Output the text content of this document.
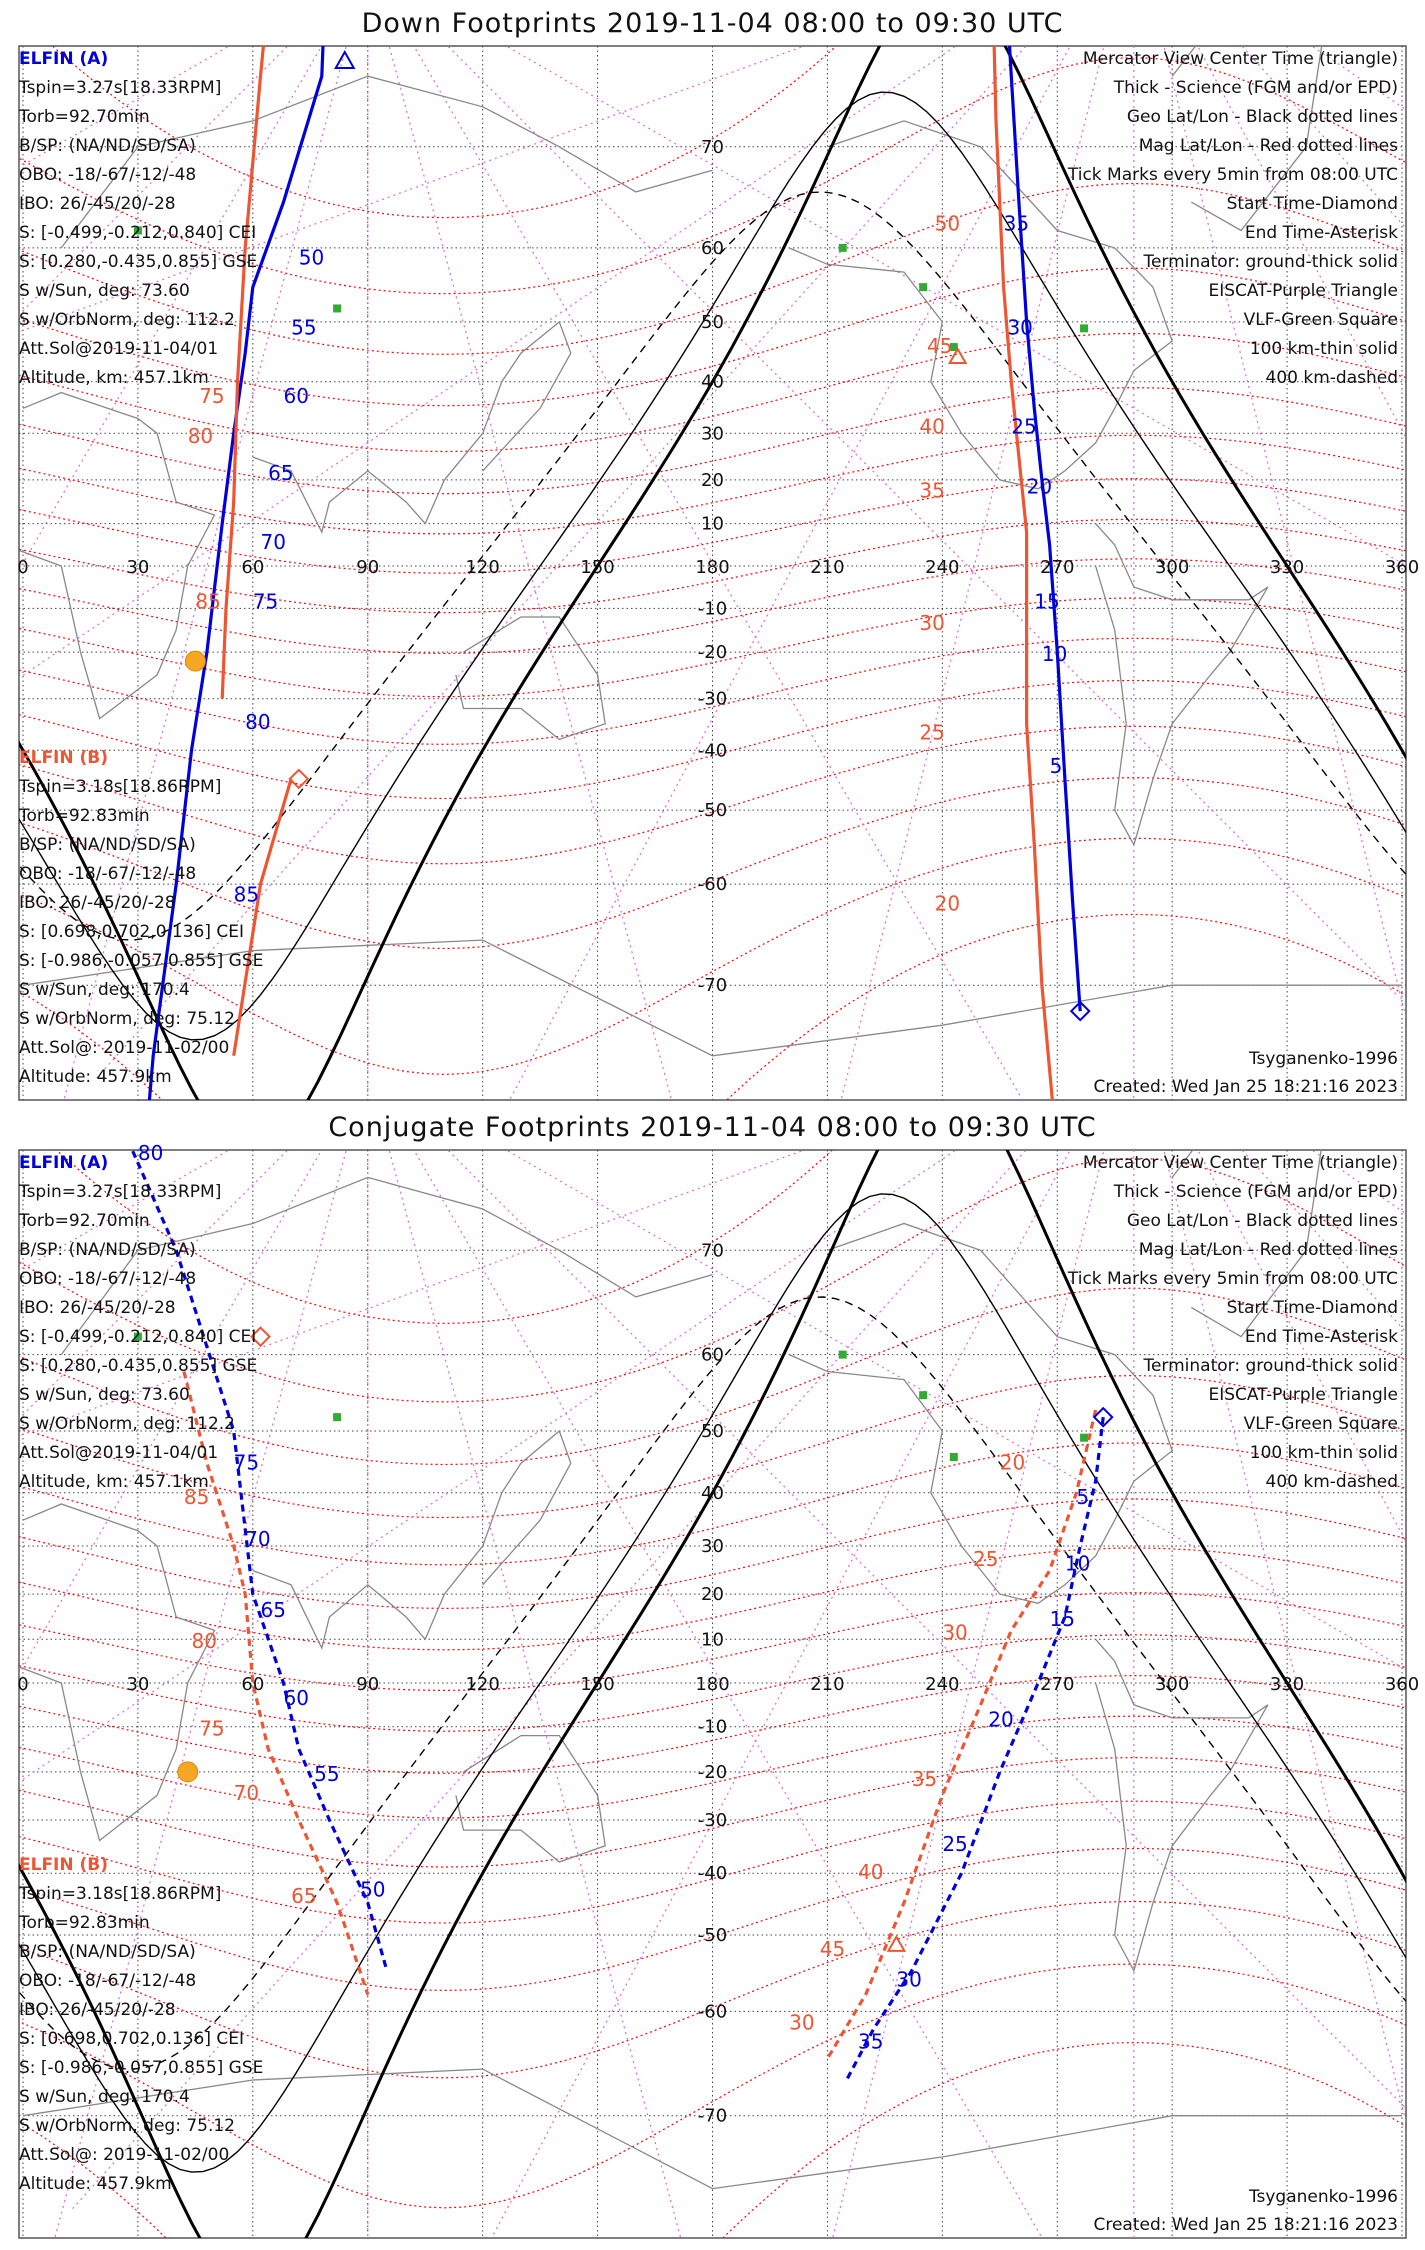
Down Footprints 2019-11-04 08:00 to 09:30 UTC
Conjugate Footprints 2019-11-04 08:00 to 09:30 UTC
0	30	60	90	120	150	180	210	240	270	300	330	360
70
60
50
40
30
20
10
-10
-20
-30
-40
-50
-60
-70
50
55
60
65
70
75
80
85
35
30
25
20
15
10
5
75
80
85
50
45
40
35
30
25
20
ELFIN (A)
Tspin=3.27s[18.33RPM]
Torb=92.70min
B/SP: (NA/ND/SD/SA)
OBO: -18/-67/-12/-48
IBO: 26/-45/20/-28
S: [-0.499,-0.212,0.840] CEI
S: [0.280,-0.435,0.855] GSE
S w/Sun, deg: 73.60
S w/OrbNorm, deg: 112.2
Att.Sol@2019-11-04/01
Altitude, km: 457.1km
ELFIN (B)
Tspin=3.18s[18.86RPM]
Torb=92.83min
B/SP: (NA/ND/SD/SA)
OBO: -18/-67/-12/-48
IBO: 26/-45/20/-28
S: [0.698,0.702,0.136] CEI
S: [-0.986,-0.057,0.855] GSE
S w/Sun, deg: 170.4
S w/OrbNorm, deg: 75.12
Att.Sol@: 2019-11-02/00
Altitude: 457.9km
Mercator View Center Time (triangle)
Thick - Science (FGM and/or EPD)
Geo Lat/Lon - Black dotted lines
Mag Lat/Lon - Red dotted lines
Tick Marks every 5min from 08:00 UTC
Start Time-Diamond
End Time-Asterisk
Terminator: ground-thick solid
EISCAT-Purple Triangle
VLF-Green Square
100 km-thin solid
400 km-dashed
Tsyganenko-1996
Created: Wed Jan 25 18:21:16 2023
0	30	60	90	120	150	180	210	240	270	300	330	360
70
60
50
40
30
20
10
-10
-20
-30
-40
-50
-60
-70
80
75
70
65
60
55
50
5
10
15
20
25
30
35
85
80
75
70
65
20
25
30
35
40
45
30
ELFIN (A)
Tspin=3.27s[18.33RPM]
Torb=92.70min
B/SP: (NA/ND/SD/SA)
OBO: -18/-67/-12/-48
IBO: 26/-45/20/-28
S: [-0.499,-0.212,0.840] CEI
S: [0.280,-0.435,0.855] GSE
S w/Sun, deg: 73.60
S w/OrbNorm, deg: 112.2
Att.Sol@2019-11-04/01
Altitude, km: 457.1km
ELFIN (B)
Tspin=3.18s[18.86RPM]
Torb=92.83min
B/SP: (NA/ND/SD/SA)
OBO: -18/-67/-12/-48
IBO: 26/-45/20/-28
S: [0.698,0.702,0.136] CEI
S: [-0.986,-0.057,0.855] GSE
S w/Sun, deg: 170.4
S w/OrbNorm, deg: 75.12
Att.Sol@: 2019-11-02/00
Altitude: 457.9km
Mercator View Center Time (triangle)
Thick - Science (FGM and/or EPD)
Geo Lat/Lon - Black dotted lines
Mag Lat/Lon - Red dotted lines
Tick Marks every 5min from 08:00 UTC
Start Time-Diamond
End Time-Asterisk
Terminator: ground-thick solid
EISCAT-Purple Triangle
VLF-Green Square
100 km-thin solid
400 km-dashed
Tsyganenko-1996
Created: Wed Jan 25 18:21:16 2023
